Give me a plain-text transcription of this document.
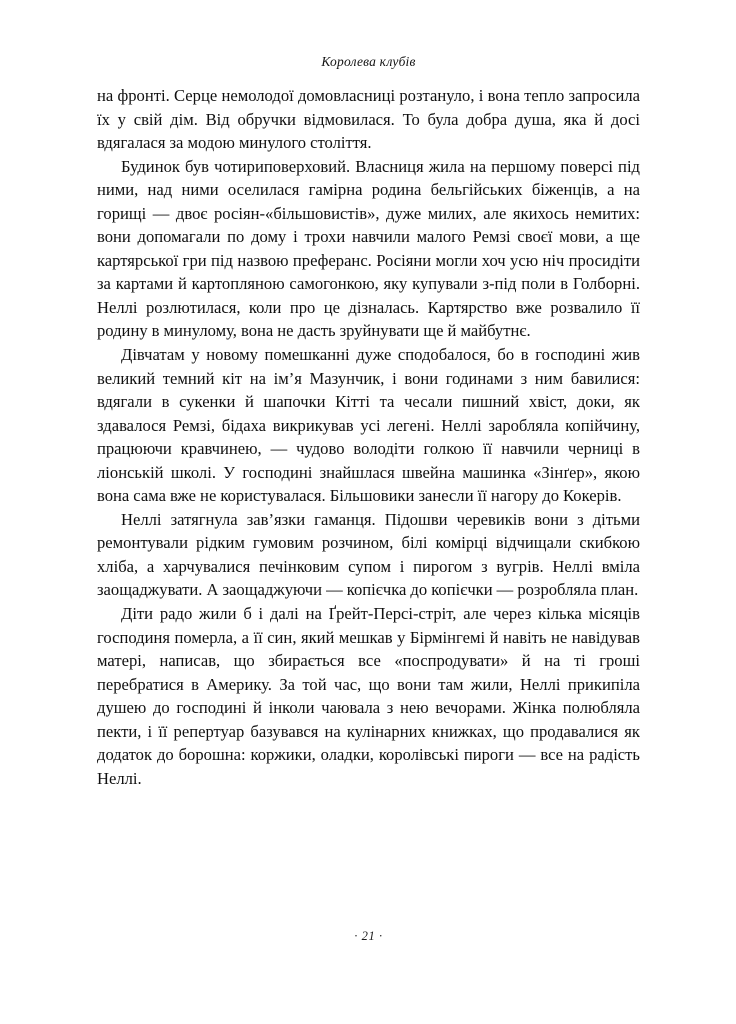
Королева клубів

на фронті. Серце немолодої домовласниці розтануло, і вона тепло запросила їх у свій дім. Від обручки відмовилася. То була добра душа, яка й досі вдягалася за модою минулого століття.

Будинок був чотириповерховий. Власниця жила на першому поверсі під ними, над ними оселилася гамірна родина бельгійських біженців, а на горищі — двоє росіян-«більшовистів», дуже милих, але якихось немитих: вони допомагали по дому і трохи навчили малого Ремзі своєї мови, а ще картярської гри під назвою преферанс. Росіяни могли хоч усю ніч просидіти за картами й картопляною самогонкою, яку купували з-під поли в Голборні. Неллі розлютилася, коли про це дізналась. Картярство вже розвалило її родину в минулому, вона не дасть зруйнувати ще й майбутнє.

Дівчатам у новому помешканні дуже сподобалося, бо в господині жив великий темний кіт на ім’я Мазунчик, і вони годинами з ним бавилися: вдягали в сукенки й шапочки Кітті та чесали пишний хвіст, доки, як здавалося Ремзі, бідаха викрикував усі легені. Неллі заробляла копійчину, працюючи кравчинею, — чудово володіти голкою її навчили черниці в ліонській школі. У господині знайшлася швейна машинка «Зінґер», якою вона сама вже не користувалася. Більшовики занесли її нагору до Кокерів.

Неллі затягнула зав’язки гаманця. Підошви черевиків вони з дітьми ремонтували рідким гумовим розчином, білі комірці відчищали скибкою хліба, а харчувалися печінковим супом і пирогом з вугрів. Неллі вміла заощаджувати. А заощаджуючи — копієчка до копієчки — розробляла план.

Діти радо жили б і далі на Ґрейт-Персі-стріт, але через кілька місяців господиня померла, а її син, який мешкав у Бірмінгемі й навіть не навідував матері, написав, що збирається все «поспродувати» й на ті гроші перебратися в Америку. За той час, що вони там жили, Неллі прикипіла душею до господині й інколи чаювала з нею вечорами. Жінка полюбляла пекти, і її репертуар базувався на кулінарних книжках, що продавалися як додаток до борошна: коржики, оладки, королівські пироги — все на радість Неллі.

· 21 ·
